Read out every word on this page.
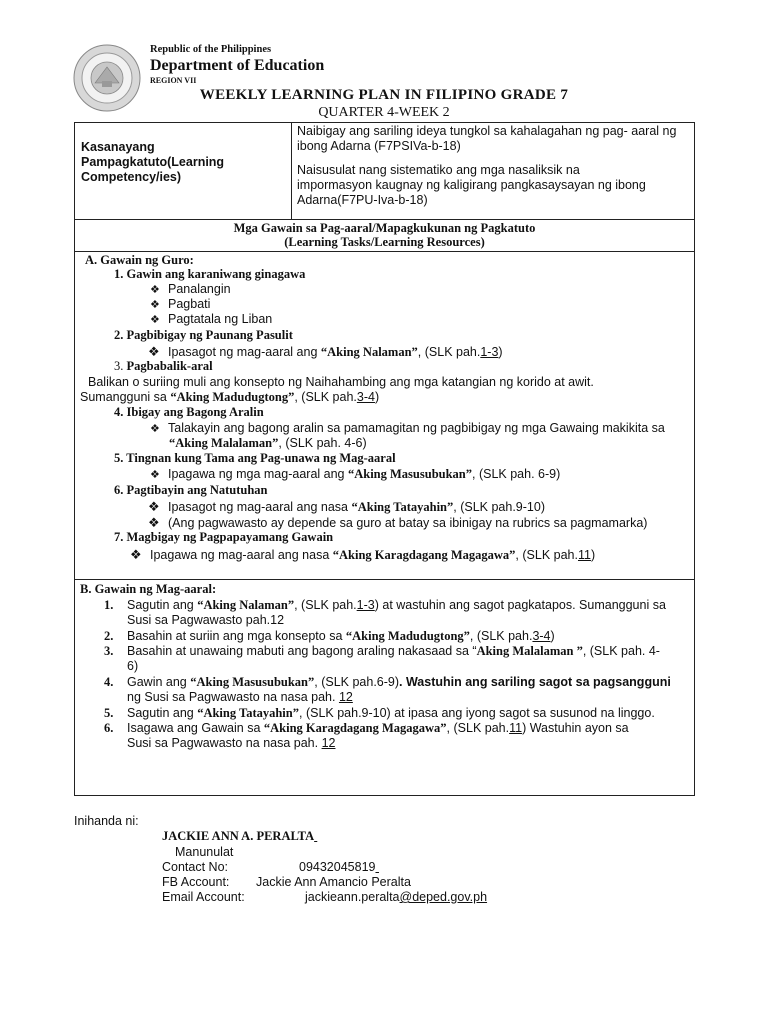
Republic of the Philippines
Department of Education
REGION VII
WEEKLY LEARNING PLAN IN FILIPINO GRADE 7
QUARTER 4-WEEK 2
Kasanayang
Pampagkatuto(Learning
Competency/ies)
Naibigay ang sariling ideya tungkol sa kahalagahan ng pag- aaral ng
ibong Adarna (F7PSIVa-b-18)
Naisusulat nang sistematiko ang mga nasaliksik na
impormasyon kaugnay ng kaligirang pangkasaysayan ng ibong
Adarna(F7PU-Iva-b-18)
Mga Gawain sa Pag-aaral/Mapagkukunan ng Pagkatuto
(Learning Tasks/Learning Resources)
A. Gawain ng Guro:
1. Gawin ang karaniwang ginagawa
❖ Panalangin
❖ Pagbati
❖ Pagtatala ng Liban
2. Pagbibigay ng Paunang Pasulit
❖ Ipasagot ng mag-aaral ang “Aking Nalaman”, (SLK pah.1-3)
3. Pagbabalik-aral
Balikan o suriing muli ang konsepto ng Naihahambing ang mga katangian ng korido at awit.
Sumangguni sa “Aking Madudugtong”, (SLK pah.3-4)
4. Ibigay ang Bagong Aralin
❖ Talakayin ang bagong aralin sa pamamagitan ng pagbibigay ng mga Gawaing makikita sa
“Aking Malalaman”, (SLK pah. 4-6)
5. Tingnan kung Tama ang Pag-unawa ng Mag-aaral
❖ Ipagawa ng mga mag-aaral ang “Aking Masusubukan”, (SLK pah. 6-9)
6. Pagtibayin ang Natutuhan
❖ Ipasagot ng mag-aaral ang nasa “Aking Tatayahin”, (SLK pah.9-10)
❖ (Ang pagwawasto ay depende sa guro at batay sa ibinigay na rubrics sa pagmamarka)
7. Magbigay ng Pagpapayamang Gawain
❖ Ipagawa ng mag-aaral ang nasa “Aking Karagdagang Magagawa”, (SLK pah.11)
B. Gawain ng Mag-aaral:
1. Sagutin ang “Aking Nalaman”, (SLK pah.1-3) at wastuhin ang sagot pagkatapos. Sumangguni sa
Susi sa Pagwawasto pah.12
2. Basahin at suriin ang mga konsepto sa “Aking Madudugtong”, (SLK pah.3-4)
3. Basahin at unawaing mabuti ang bagong araling nakasaad sa “Aking Malalaman ”, (SLK pah. 4-
6)
4. Gawin ang “Aking Masusubukan”, (SLK pah.6-9). Wastuhin ang sariling sagot sa pagsangguni
ng Susi sa Pagwawasto na nasa pah. 12
5. Sagutin ang “Aking Tatayahin”, (SLK pah.9-10) at ipasa ang iyong sagot sa susunod na linggo.
6. Isagawa ang Gawain sa “Aking Karagdagang Magagawa”, (SLK pah.11) Wastuhin ayon sa
Susi sa Pagwawasto na nasa pah. 12
Inihanda ni:
JACKIE ANN A. PERALTA
Manunulat
Contact No:	09432045819
FB Account: Jackie Ann Amancio Peralta
Email Account:	jackieann.peralta@deped.gov.ph
